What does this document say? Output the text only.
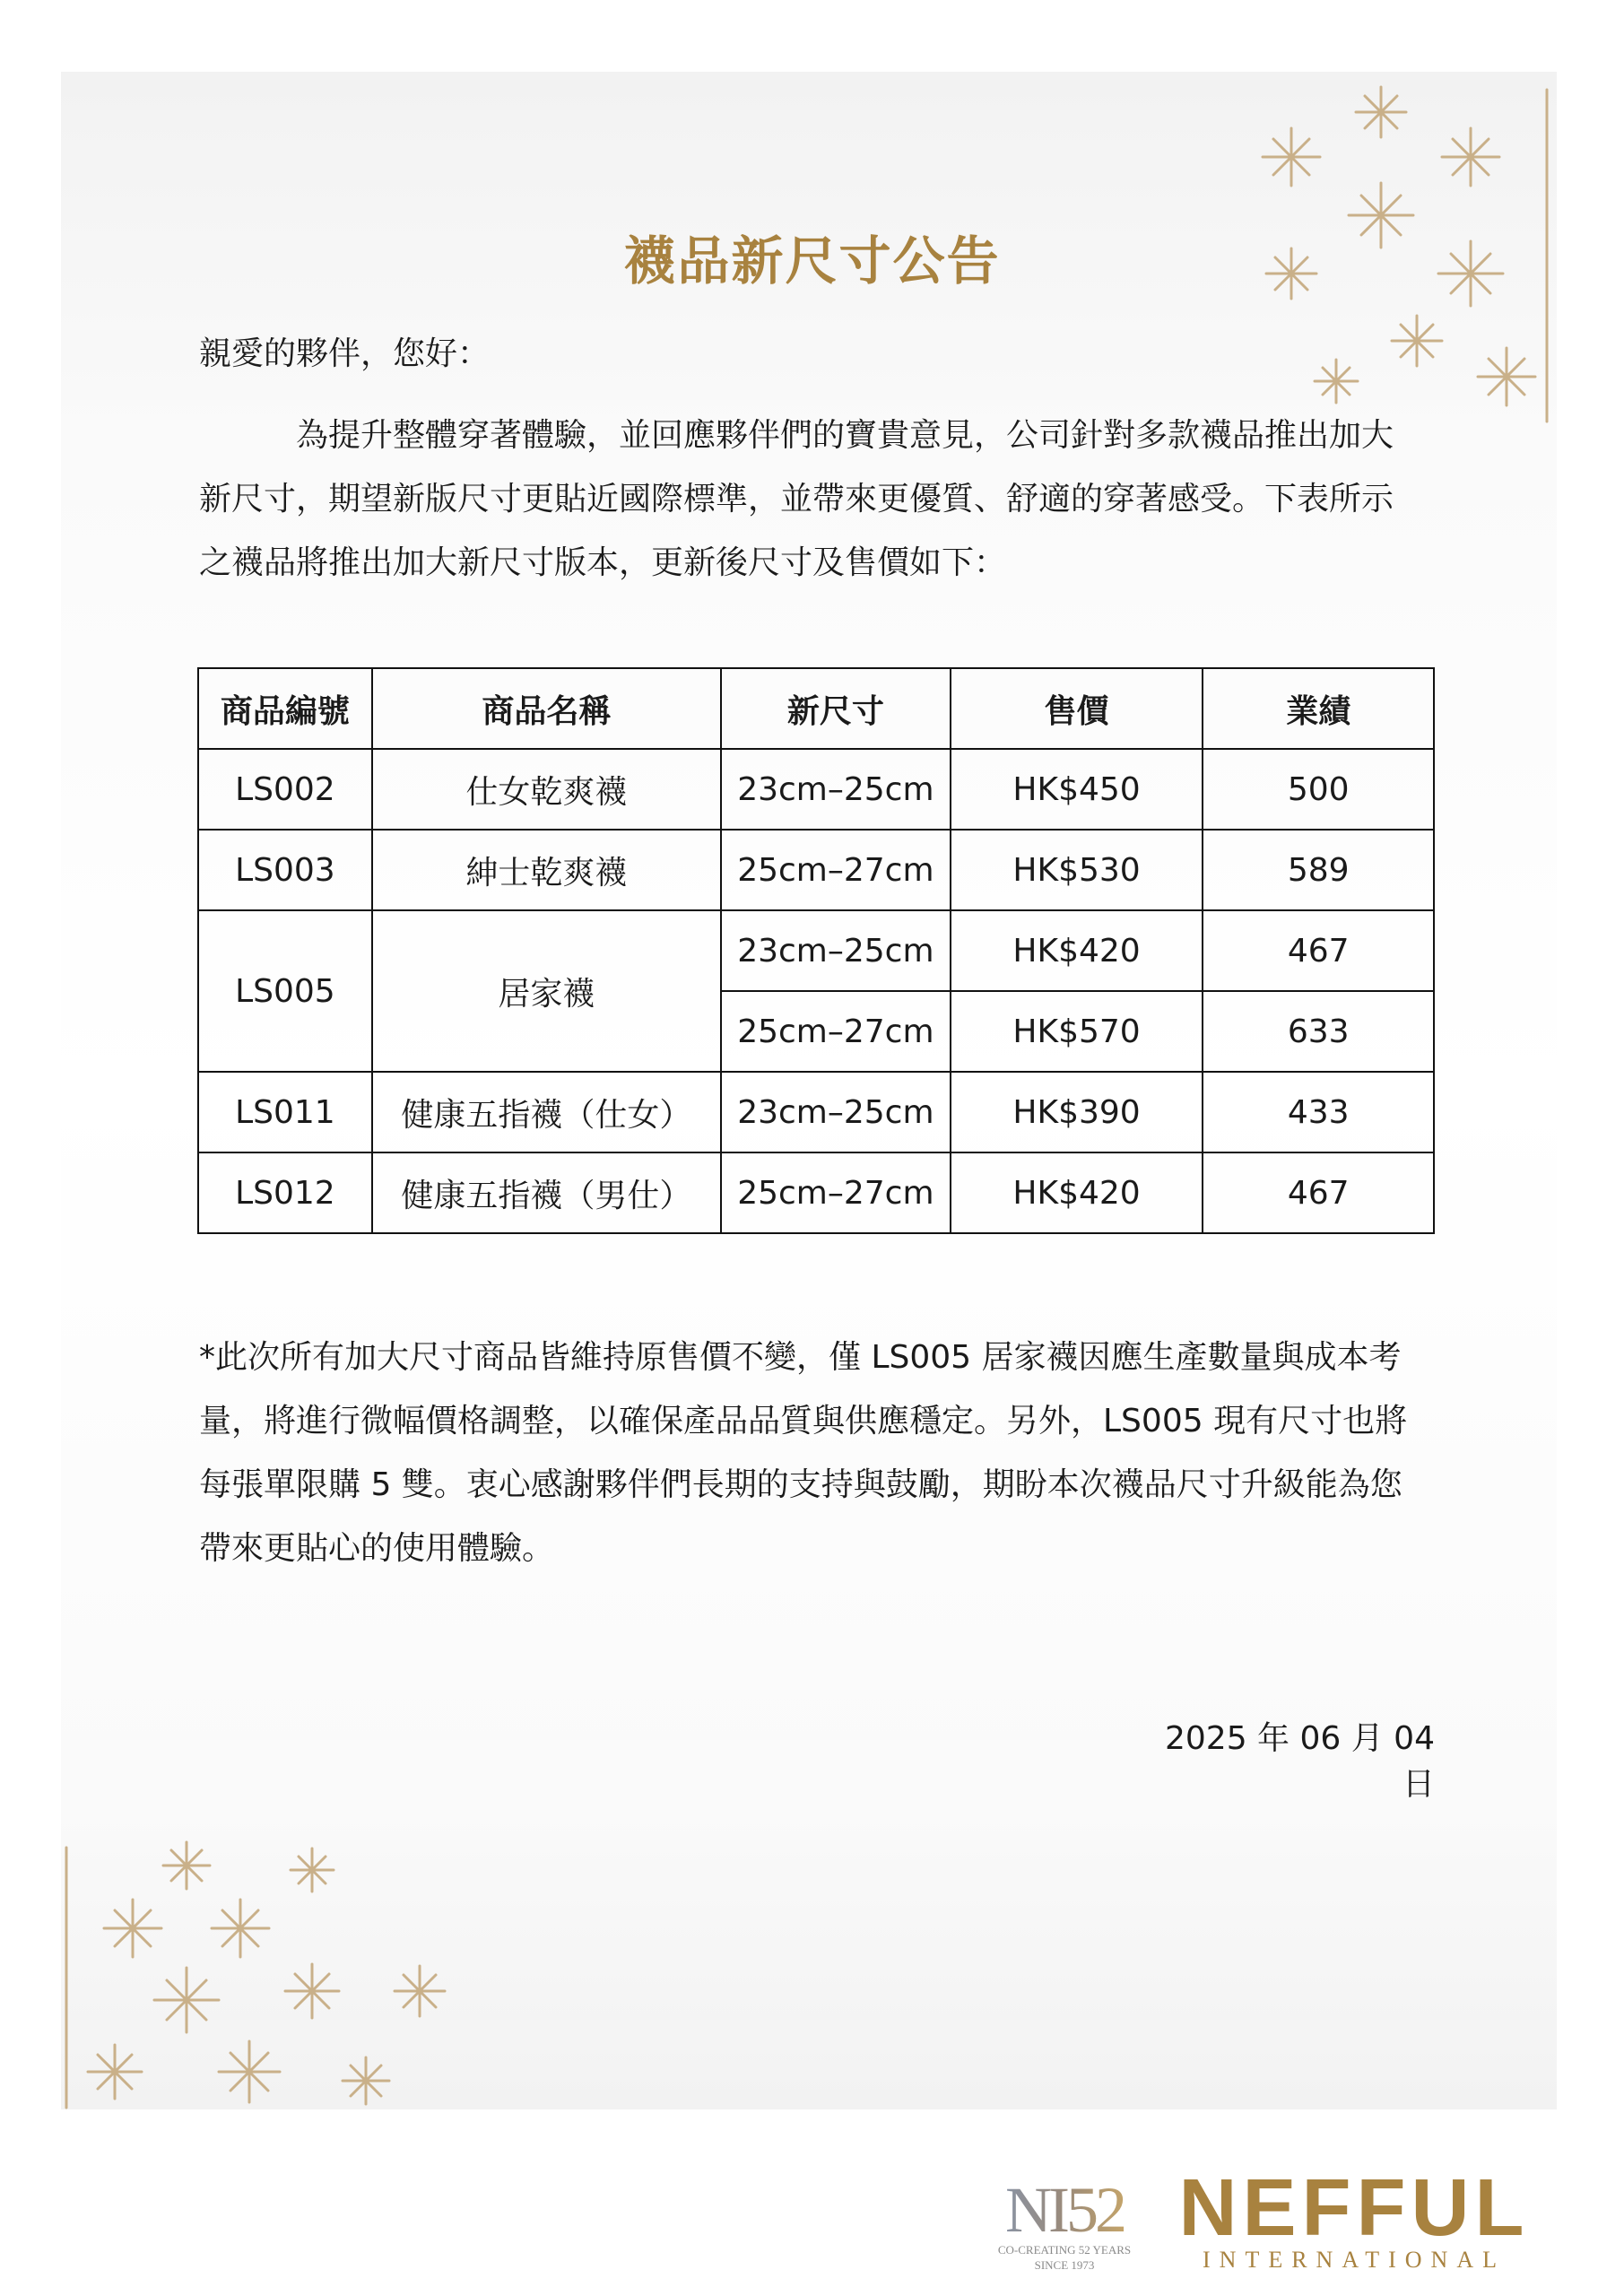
襪品新尺寸公告
親愛的夥伴，您好：
為提升整體穿著體驗，並回應夥伴們的寶貴意見，公司針對多款襪品推出加大
新尺寸，期望新版尺寸更貼近國際標準，並帶來更優質、舒適的穿著感受。下表所示
之襪品將推出加大新尺寸版本，更新後尺寸及售價如下：
商品編號	商品名稱	新尺寸	售價	業績
LS002	仕女乾爽襪	23cm–25cm	HK$450	500
LS003	紳士乾爽襪	25cm–27cm	HK$530	589
LS005	居家襪	23cm–25cm	HK$420	467
		25cm–27cm	HK$570	633
LS011	健康五指襪（仕女）	23cm–25cm	HK$390	433
LS012	健康五指襪（男仕）	25cm–27cm	HK$420	467
*此次所有加大尺寸商品皆維持原售價不變，僅 LS005 居家襪因應生產數量與成本考
量，將進行微幅價格調整，以確保產品品質與供應穩定。另外，LS005 現有尺寸也將
每張單限購 5 雙。衷心感謝夥伴們長期的支持與鼓勵，期盼本次襪品尺寸升級能為您
帶來更貼心的使用體驗。
2025 年 06 月 04 日
NI52
CO-CREATING 52 YEARS
SINCE 1973
NEFFUL
INTERNATIONAL
